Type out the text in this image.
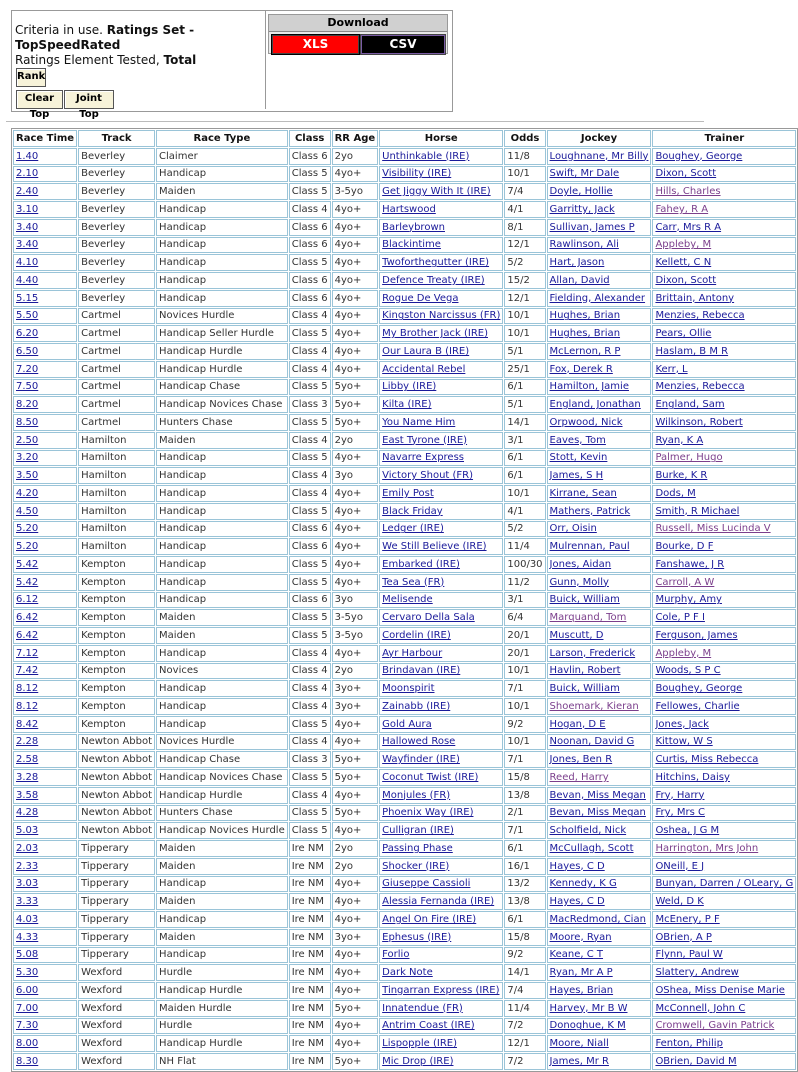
Criteria in use. Ratings Set - TopSpeedRated
Ratings Element Tested, Total
Rank
Clear Top
Joint Top
Download
XLS	CSV
Race Time	Track	Race Type	Class	RR Age	Horse	Odds	Jockey	Trainer
1.40	Beverley	Claimer	Class 6	2yo	Unthinkable (IRE)	11/8	Loughnane, Mr Billy	Boughey, George
2.10	Beverley	Handicap	Class 5	4yo+	Visibility (IRE)	10/1	Swift, Mr Dale	Dixon, Scott
2.40	Beverley	Maiden	Class 5	3-5yo	Get Jiggy With It (IRE)	7/4	Doyle, Hollie	Hills, Charles
3.10	Beverley	Handicap	Class 4	4yo+	Hartswood	4/1	Garritty, Jack	Fahey, R A
3.40	Beverley	Handicap	Class 6	4yo+	Barleybrown	8/1	Sullivan, James P	Carr, Mrs R A
3.40	Beverley	Handicap	Class 6	4yo+	Blackintime	12/1	Rawlinson, Ali	Appleby, M
4.10	Beverley	Handicap	Class 5	4yo+	Twoforthegutter (IRE)	5/2	Hart, Jason	Kellett, C N
4.40	Beverley	Handicap	Class 6	4yo+	Defence Treaty (IRE)	15/2	Allan, David	Dixon, Scott
5.15	Beverley	Handicap	Class 6	4yo+	Rogue De Vega	12/1	Fielding, Alexander	Brittain, Antony
5.50	Cartmel	Novices Hurdle	Class 4	4yo+	Kingston Narcissus (FR)	10/1	Hughes, Brian	Menzies, Rebecca
6.20	Cartmel	Handicap Seller Hurdle	Class 5	4yo+	My Brother Jack (IRE)	10/1	Hughes, Brian	Pears, Ollie
6.50	Cartmel	Handicap Hurdle	Class 4	4yo+	Our Laura B (IRE)	5/1	McLernon, R P	Haslam, B M R
7.20	Cartmel	Handicap Hurdle	Class 4	4yo+	Accidental Rebel	25/1	Fox, Derek R	Kerr, L
7.50	Cartmel	Handicap Chase	Class 5	5yo+	Libby (IRE)	6/1	Hamilton, Jamie	Menzies, Rebecca
8.20	Cartmel	Handicap Novices Chase	Class 3	5yo+	Kilta (IRE)	5/1	England, Jonathan	England, Sam
8.50	Cartmel	Hunters Chase	Class 5	5yo+	You Name Him	14/1	Orpwood, Nick	Wilkinson, Robert
2.50	Hamilton	Maiden	Class 4	2yo	East Tyrone (IRE)	3/1	Eaves, Tom	Ryan, K A
3.20	Hamilton	Handicap	Class 5	4yo+	Navarre Express	6/1	Stott, Kevin	Palmer, Hugo
3.50	Hamilton	Handicap	Class 4	3yo	Victory Shout (FR)	6/1	James, S H	Burke, K R
4.20	Hamilton	Handicap	Class 4	4yo+	Emily Post	10/1	Kirrane, Sean	Dods, M
4.50	Hamilton	Handicap	Class 5	4yo+	Black Friday	4/1	Mathers, Patrick	Smith, R Michael
5.20	Hamilton	Handicap	Class 6	4yo+	Ledger (IRE)	5/2	Orr, Oisin	Russell, Miss Lucinda V
5.20	Hamilton	Handicap	Class 6	4yo+	We Still Believe (IRE)	11/4	Mulrennan, Paul	Bourke, D F
5.42	Kempton	Handicap	Class 5	4yo+	Embarked (IRE)	100/30	Jones, Aidan	Fanshawe, J R
5.42	Kempton	Handicap	Class 5	4yo+	Tea Sea (FR)	11/2	Gunn, Molly	Carroll, A W
6.12	Kempton	Handicap	Class 6	3yo	Melisende	3/1	Buick, William	Murphy, Amy
6.42	Kempton	Maiden	Class 5	3-5yo	Cervaro Della Sala	6/4	Marquand, Tom	Cole, P F I
6.42	Kempton	Maiden	Class 5	3-5yo	Cordelin (IRE)	20/1	Muscutt, D	Ferguson, James
7.12	Kempton	Handicap	Class 4	4yo+	Ayr Harbour	20/1	Larson, Frederick	Appleby, M
7.42	Kempton	Novices	Class 4	2yo	Brindavan (IRE)	10/1	Havlin, Robert	Woods, S P C
8.12	Kempton	Handicap	Class 4	3yo+	Moonspirit	7/1	Buick, William	Boughey, George
8.12	Kempton	Handicap	Class 4	3yo+	Zainabb (IRE)	10/1	Shoemark, Kieran	Fellowes, Charlie
8.42	Kempton	Handicap	Class 5	4yo+	Gold Aura	9/2	Hogan, D E	Jones, Jack
2.28	Newton Abbot	Novices Hurdle	Class 4	4yo+	Hallowed Rose	10/1	Noonan, David G	Kittow, W S
2.58	Newton Abbot	Handicap Chase	Class 3	5yo+	Wayfinder (IRE)	7/1	Jones, Ben R	Curtis, Miss Rebecca
3.28	Newton Abbot	Handicap Novices Chase	Class 5	5yo+	Coconut Twist (IRE)	15/8	Reed, Harry	Hitchins, Daisy
3.58	Newton Abbot	Handicap Hurdle	Class 4	4yo+	Monjules (FR)	13/8	Bevan, Miss Megan	Fry, Harry
4.28	Newton Abbot	Hunters Chase	Class 5	5yo+	Phoenix Way (IRE)	2/1	Bevan, Miss Megan	Fry, Mrs C
5.03	Newton Abbot	Handicap Novices Hurdle	Class 5	4yo+	Culligran (IRE)	7/1	Scholfield, Nick	Oshea, J G M
2.03	Tipperary	Maiden	Ire NM	2yo	Passing Phase	6/1	McCullagh, Scott	Harrington, Mrs John
2.33	Tipperary	Maiden	Ire NM	2yo	Shocker (IRE)	16/1	Hayes, C D	ONeill, E J
3.03	Tipperary	Handicap	Ire NM	4yo+	Giuseppe Cassioli	13/2	Kennedy, K G	Bunyan, Darren / OLeary, G
3.33	Tipperary	Maiden	Ire NM	4yo+	Alessia Fernanda (IRE)	13/8	Hayes, C D	Weld, D K
4.03	Tipperary	Handicap	Ire NM	4yo+	Angel On Fire (IRE)	6/1	MacRedmond, Cian	McEnery, P F
4.33	Tipperary	Maiden	Ire NM	3yo+	Ephesus (IRE)	15/8	Moore, Ryan	OBrien, A P
5.08	Tipperary	Handicap	Ire NM	4yo+	Forlio	9/2	Keane, C T	Flynn, Paul W
5.30	Wexford	Hurdle	Ire NM	4yo+	Dark Note	14/1	Ryan, Mr A P	Slattery, Andrew
6.00	Wexford	Handicap Hurdle	Ire NM	4yo+	Tingarran Express (IRE)	7/4	Hayes, Brian	OShea, Miss Denise Marie
7.00	Wexford	Maiden Hurdle	Ire NM	5yo+	Innatendue (FR)	11/4	Harvey, Mr B W	McConnell, John C
7.30	Wexford	Hurdle	Ire NM	4yo+	Antrim Coast (IRE)	7/2	Donoghue, K M	Cromwell, Gavin Patrick
8.00	Wexford	Handicap Hurdle	Ire NM	4yo+	Lispopple (IRE)	12/1	Moore, Niall	Fenton, Philip
8.30	Wexford	NH Flat	Ire NM	5yo+	Mic Drop (IRE)	7/2	James, Mr R	OBrien, David M
